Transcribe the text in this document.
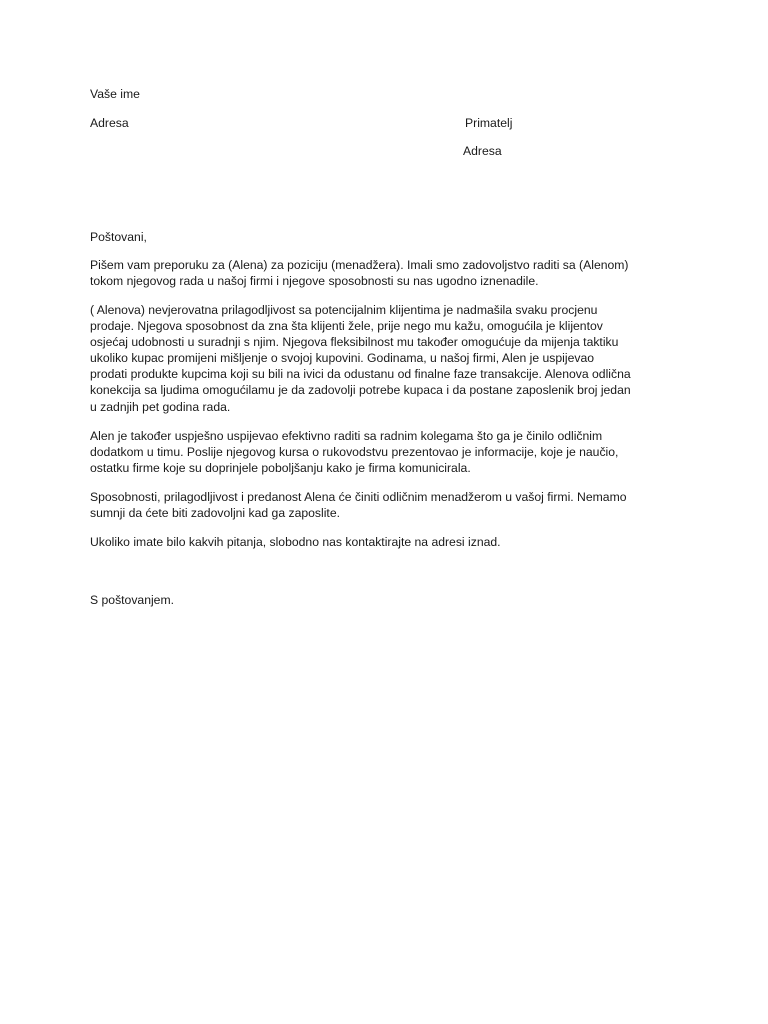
Vaše ime

Adresa	Primatelj

Adresa

Poštovani,

Pišem vam preporuku za (Alena) za poziciju (menadžera). Imali smo zadovoljstvo raditi sa (Alenom)
tokom njegovog rada u našoj firmi i njegove sposobnosti su nas ugodno iznenadile.
( Alenova) nevjerovatna prilagodljivost sa potencijalnim klijentima je nadmašila svaku procjenu
prodaje. Njegova sposobnost da zna šta klijenti žele, prije nego mu kažu, omogućila je klijentov
osjećaj udobnosti u suradnji s njim. Njegova fleksibilnost mu također omogućuje da mijenja taktiku
ukoliko kupac promijeni mišljenje o svojoj kupovini. Godinama, u našoj firmi, Alen je uspijevao
prodati produkte kupcima koji su bili na ivici da odustanu od finalne faze transakcije. Alenova odlična
konekcija sa ljudima omogućilamu je da zadovolji potrebe kupaca i da postane zaposlenik broj jedan
u zadnjih pet godina rada.
Alen je također uspješno uspijevao efektivno raditi sa radnim kolegama što ga je činilo odličnim
dodatkom u timu. Poslije njegovog kursa o rukovodstvu prezentovao je informacije, koje je naučio,
ostatku firme koje su doprinjele poboljšanju kako je firma komunicirala.
Sposobnosti, prilagodljivost i predanost Alena će činiti odličnim menadžerom u vašoj firmi. Nemamo
sumnji da ćete biti zadovoljni kad ga zaposlite.
Ukoliko imate bilo kakvih pitanja, slobodno nas kontaktirajte na adresi iznad.

S poštovanjem.
